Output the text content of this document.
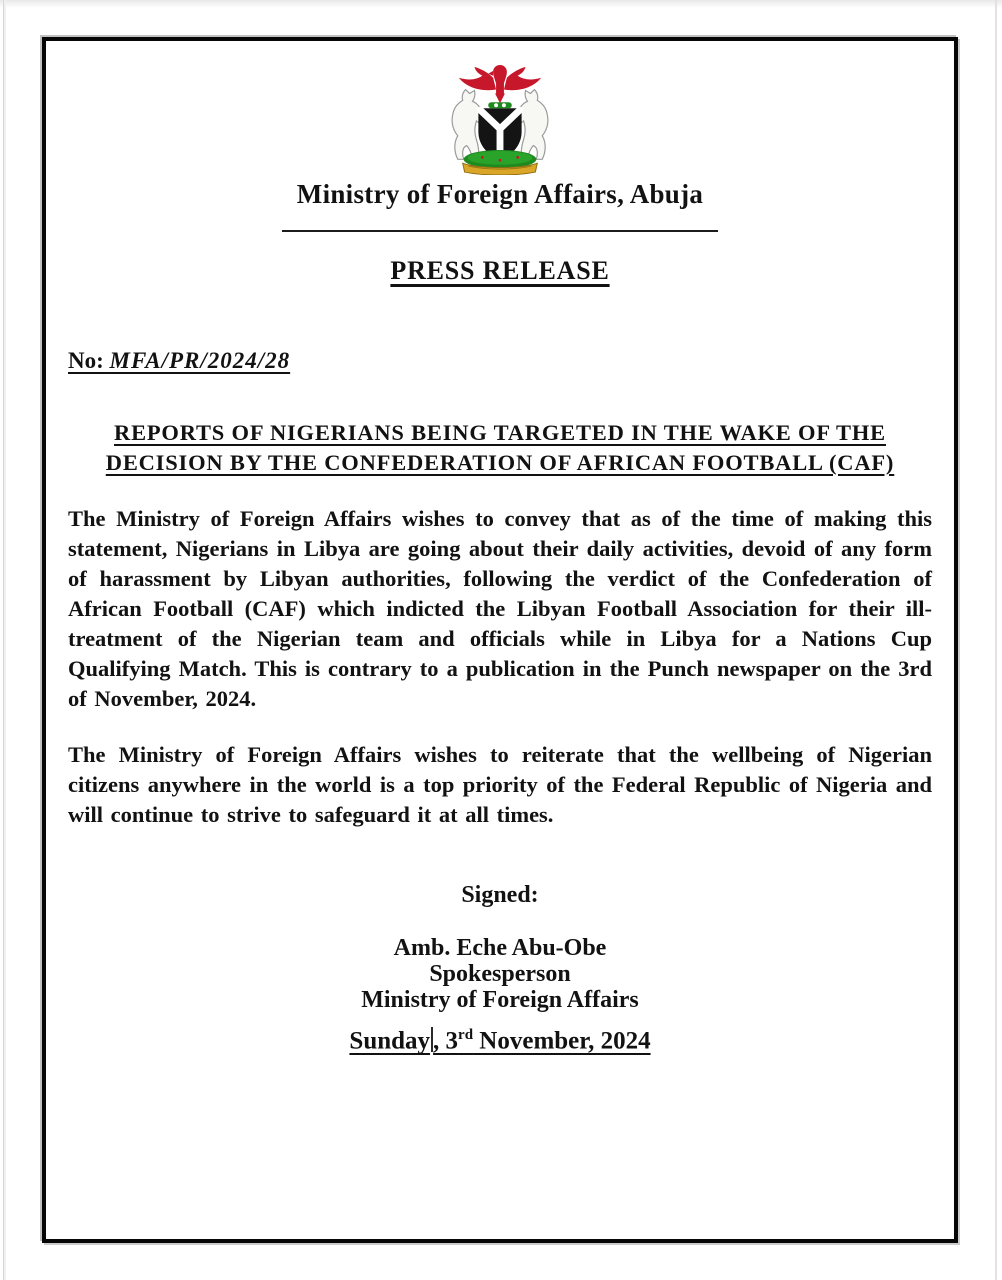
Ministry of Foreign Affairs, Abuja
PRESS RELEASE

No: MFA/PR/2024/28

REPORTS OF NIGERIANS BEING TARGETED IN THE WAKE OF THE
DECISION BY THE CONFEDERATION OF AFRICAN FOOTBALL (CAF)

The Ministry of Foreign Affairs wishes to convey that as of the time of making this statement, Nigerians in Libya are going about their daily activities, devoid of any form of harassment by Libyan authorities, following the verdict of the Confederation of African Football (CAF) which indicted the Libyan Football Association for their ill-treatment of the Nigerian team and officials while in Libya for a Nations Cup Qualifying Match. This is contrary to a publication in the Punch newspaper on the 3rd of November, 2024.

The Ministry of Foreign Affairs wishes to reiterate that the wellbeing of Nigerian citizens anywhere in the world is a top priority of the Federal Republic of Nigeria and will continue to strive to safeguard it at all times.

Signed:

Amb. Eche Abu-Obe
Spokesperson
Ministry of Foreign Affairs

Sunday , 3rd November, 2024
